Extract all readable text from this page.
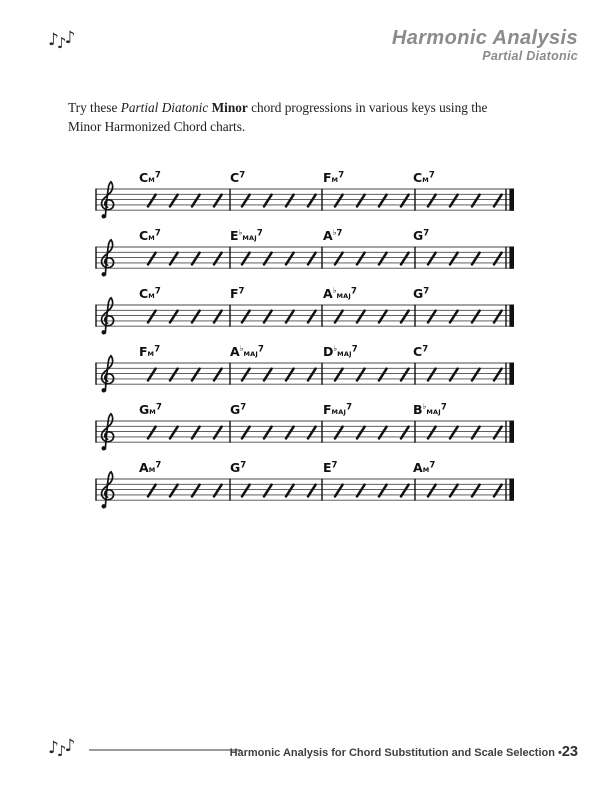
♪♪♪	Harmonic Analysis
Partial Diatonic
Try these Partial Diatonic Minor chord progressions in various keys using the
Minor Harmonized Chord charts.
$CM^7$	$C^7$	$FM^7$	$CM^7$
$CM^7$	E♭MAJ$^7$	$A^{♭7}$	$G^7$
$CM^7$	$F^7$	A♭MAJ$^7$	$G^7$
$FM^7$	A♭MAJ$^7$	D♭MAJ$^7$	$C^7$
$GM^7$	$G^7$	FMAJ$^7$	B♭MAJ$^7$
$AM^7$	$G^7$	$E^7$	$AM^7$
♪♪♪	Harmonic Analysis for Chord Substitution and Scale Selection •23
